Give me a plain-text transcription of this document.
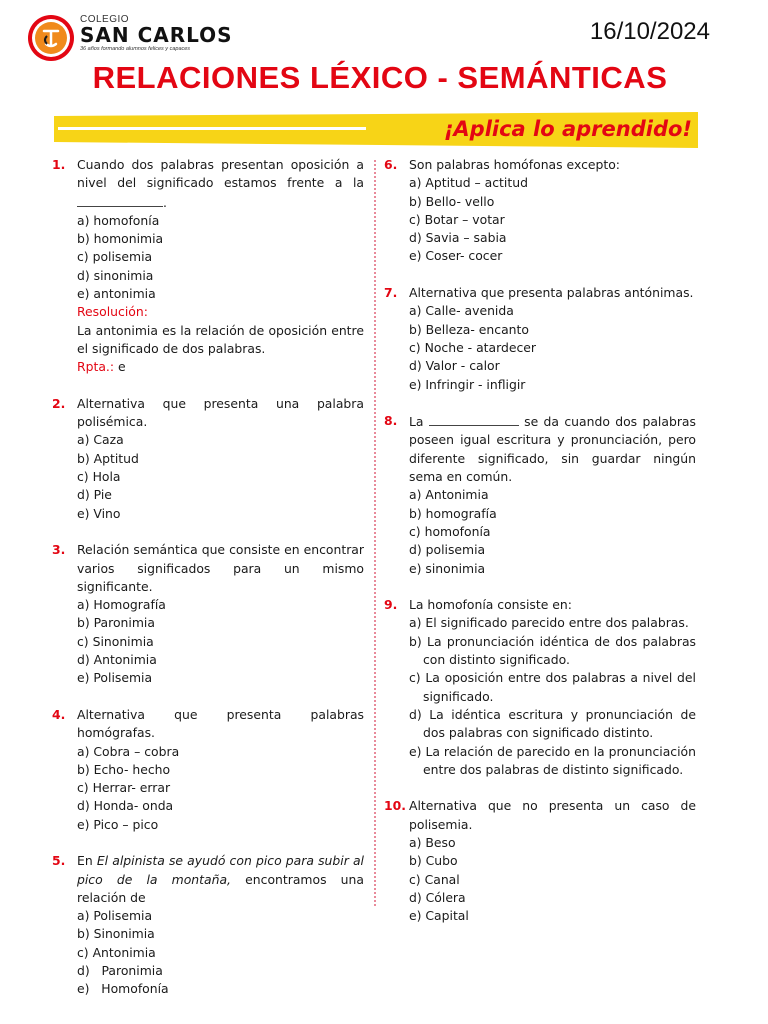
COLEGIO
SAN CARLOS
36 años formando alumnos felices y capaces
16/10/2024
RELACIONES LÉXICO - SEMÁNTICAS
¡Aplica lo aprendido!
1. Cuando dos palabras presentan oposición a nivel del significado estamos frente a la .
a) homofonía
b) homonimia
c) polisemia
d) sinonimia
e) antonimia
Resolución:
La antonimia es la relación de oposición entre el significado de dos palabras.
Rpta.: e
2. Alternativa que presenta una palabra polisémica.
a) Caza
b) Aptitud
c) Hola
d) Pie
e) Vino
3. Relación semántica que consiste en encontrar varios significados para un mismo significante.
a) Homografía
b) Paronimia
c) Sinonimia
d) Antonimia
e) Polisemia
4. Alternativa que presenta palabras homógrafas.
a) Cobra – cobra
b) Echo- hecho
c) Herrar- errar
d) Honda- onda
e) Pico – pico
5. En El alpinista se ayudó con pico para subir al pico de la montaña, encontramos una relación de
a) Polisemia
b) Sinonimia
c) Antonimia
d)   Paronimia
e)   Homofonía
6. Son palabras homófonas excepto:
a) Aptitud – actitud
b) Bello- vello
c) Botar – votar
d) Savia – sabia
e) Coser- cocer
7. Alternativa que presenta palabras antónimas.
a) Calle- avenida
b) Belleza- encanto
c) Noche - atardecer
d) Valor - calor
e) Infringir - infligir
8. La	se da cuando dos palabras poseen igual escritura y pronunciación, pero diferente significado, sin guardar ningún sema en común.
a) Antonimia
b) homografía
c) homofonía
d) polisemia
e) sinonimia
9. La homofonía consiste en:
a) El significado parecido entre dos palabras.
b) La pronunciación idéntica de dos palabras con distinto significado.
c) La oposición entre dos palabras a nivel del significado.
d) La idéntica escritura y pronunciación de dos palabras con significado distinto.
e) La relación de parecido en la pronunciación entre dos palabras de distinto significado.
10. Alternativa que no presenta un caso de polisemia.
a) Beso
b) Cubo
c) Canal
d) Cólera
e) Capital
